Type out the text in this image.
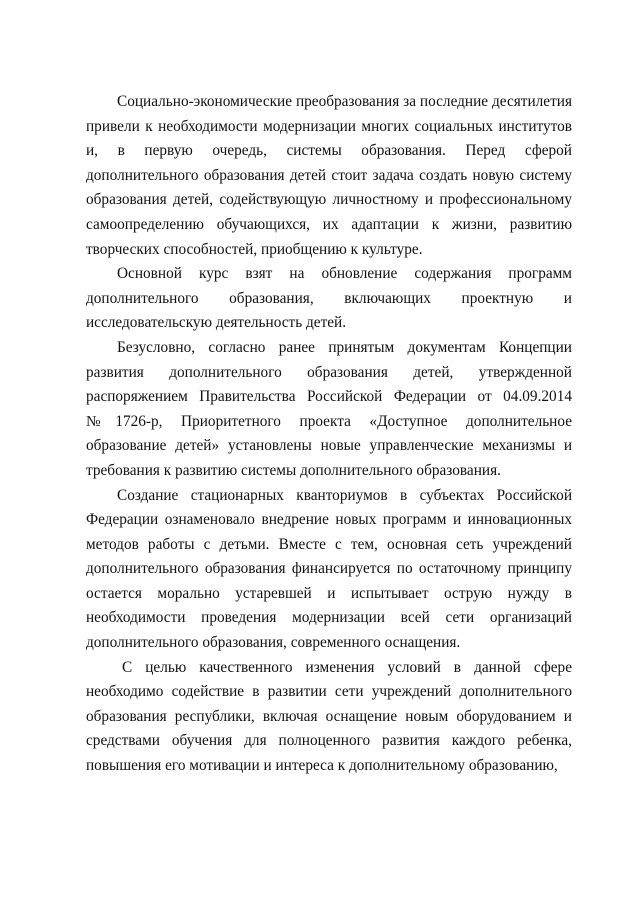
Социально-экономические преобразования за последние десятилетия привели к необходимости модернизации многих социальных институтов и, в первую очередь, системы образования. Перед сферой дополнительного образования детей стоит задача создать новую систему образования детей, содействующую личностному и профессиональному самоопределению обучающихся, их адаптации к жизни, развитию творческих способностей, приобщению к культуре.

Основной курс взят на обновление содержания программ дополнительного образования, включающих проектную и исследовательскую деятельность детей.

Безусловно, согласно ранее принятым документам Концепции развития дополнительного образования детей, утвержденной распоряжением Правительства Российской Федерации от 04.09.2014 №1726-р, Приоритетного проекта «Доступное дополнительное образование детей» установлены новые управленческие механизмы и требования к развитию системы дополнительного образования.

Создание стационарных кванториумов в субъектах Российской Федерации ознаменовало внедрение новых программ и инновационных методов работы с детьми. Вместе с тем, основная сеть учреждений дополнительного образования финансируется по остаточному принципу остается морально устаревшей и испытывает острую нужду в необходимости проведения модернизации всей сети организаций дополнительного образования, современного оснащения.

С целью качественного изменения условий в данной сфере необходимо содействие в развитии сети учреждений дополнительного образования республики, включая оснащение новым оборудованием и средствами обучения для полноценного развития каждого ребенка, повышения его мотивации и интереса к дополнительному образованию,
